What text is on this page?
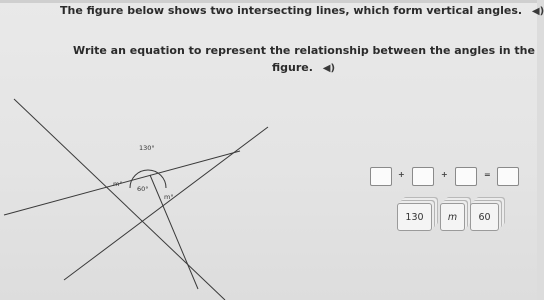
The figure below shows two intersecting lines, which form vertical angles. ◀)
Write an equation to represent the relationship between the angles in the
figure. ◀)
130°
m°
60°
m°
+	+	=
130	m 60
